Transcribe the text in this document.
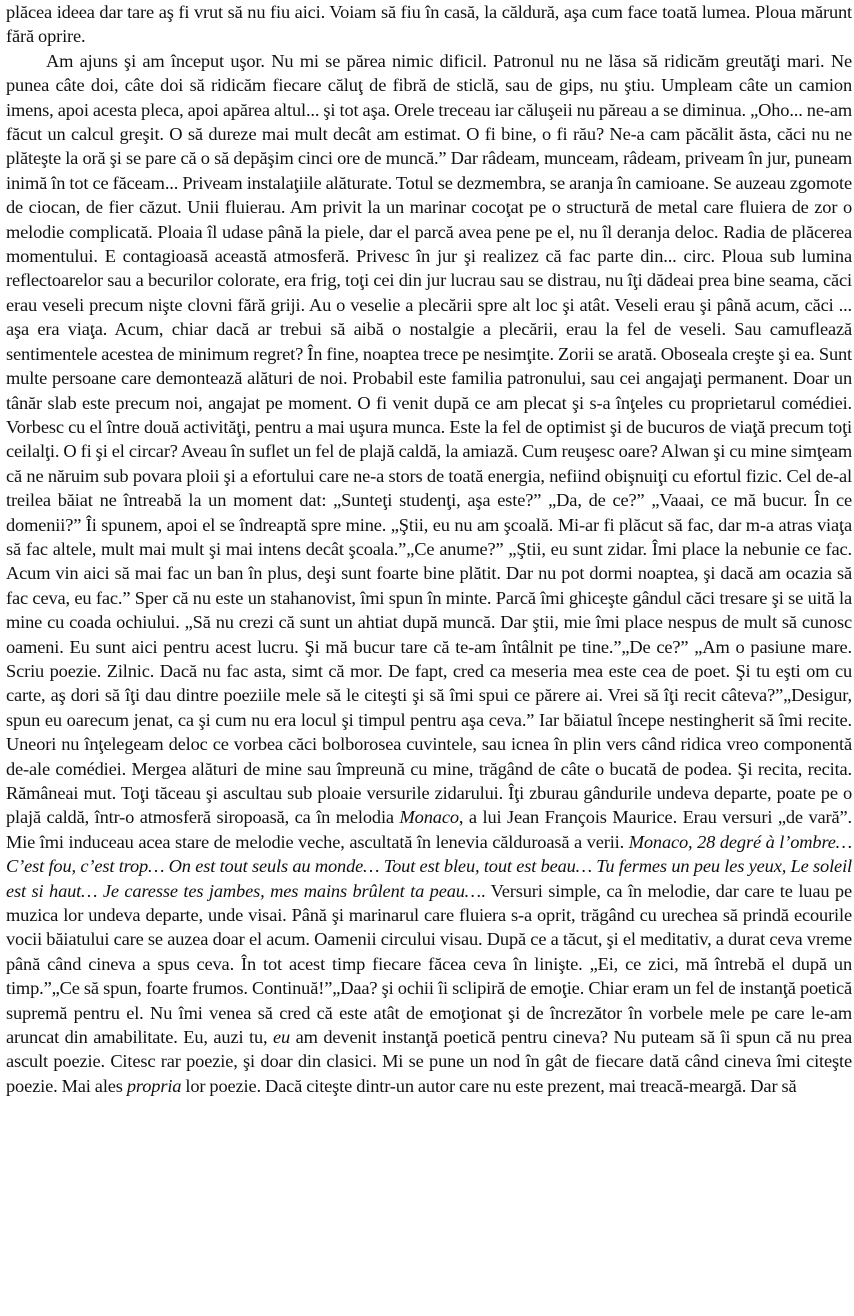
plăcea ideea dar tare aş fi vrut să nu fiu aici. Voiam să fiu în casă, la căldură, aşa cum face toată lumea. Ploua mărunt fără oprire.

Am ajuns şi am început uşor. Nu mi se părea nimic dificil. Patronul nu ne lăsa să ridicăm greutăţi mari. Ne punea câte doi, câte doi să ridicăm fiecare căluţ de fibră de sticlă, sau de gips, nu ştiu. Umpleam câte un camion imens, apoi acesta pleca, apoi apărea altul... şi tot aşa. Orele treceau iar căluşeii nu păreau a se diminua. „Oho... ne-am făcut un calcul greşit. O să dureze mai mult decât am estimat. O fi bine, o fi rău? Ne-a cam păcălit ăsta, căci nu ne plăteşte la oră şi se pare că o să depăşim cinci ore de muncă.” Dar râdeam, munceam, râdeam, priveam în jur, puneam inimă în tot ce făceam... Priveam instalaţiile alăturate. Totul se dezmembra, se aranja în camioane. Se auzeau zgomote de ciocan, de fier căzut. Unii fluierau. Am privit la un marinar cocoţat pe o structură de metal care fluiera de zor o melodie complicată. Ploaia îl udase până la piele, dar el parcă avea pene pe el, nu îl deranja deloc. Radia de plăcerea momentului. E contagioasă această atmosferă. Privesc în jur şi realizez că fac parte din... circ. Ploua sub lumina reflectoarelor sau a becurilor colorate, era frig, toţi cei din jur lucrau sau se distrau, nu îţi dădeai prea bine seama, căci erau veseli precum nişte clovni fără griji. Au o veselie a plecării spre alt loc şi atât. Veseli erau şi până acum, căci ... aşa era viaţa. Acum, chiar dacă ar trebui să aibă o nostalgie a plecării, erau la fel de veseli. Sau camuflează sentimentele acestea de minimum regret? În fine, noaptea trece pe nesimţite. Zorii se arată. Oboseala creşte şi ea. Sunt multe persoane care demontează alături de noi. Probabil este familia patronului, sau cei angajaţi permanent. Doar un tânăr slab este precum noi, angajat pe moment. O fi venit după ce am plecat şi s-a înţeles cu proprietarul comédiei. Vorbesc cu el între două activităţi, pentru a mai uşura munca. Este la fel de optimist şi de bucuros de viaţă precum toţi ceilalţi. O fi şi el circar? Aveau în suflet un fel de plajă caldă, la amiază. Cum reuşesc oare? Alwan şi cu mine simţeam că ne năruim sub povara ploii şi a efortului care ne-a stors de toată energia, nefiind obişnuiţi cu efortul fizic. Cel de-al treilea băiat ne întreabă la un moment dat: „Sunteţi studenţi, aşa este?” „Da, de ce?” „Vaaai, ce mă bucur. În ce domenii?” Îi spunem, apoi el se îndreaptă spre mine. „Ştii, eu nu am şcoală. Mi-ar fi plăcut să fac, dar m-a atras viaţa să fac altele, mult mai mult şi mai intens decât şcoala.”„Ce anume?” „Ştii, eu sunt zidar. Îmi place la nebunie ce fac. Acum vin aici să mai fac un ban în plus, deşi sunt foarte bine plătit. Dar nu pot dormi noaptea, şi dacă am ocazia să fac ceva, eu fac.” Sper că nu este un stahanovist, îmi spun în minte. Parcă îmi ghiceşte gândul căci tresare şi se uită la mine cu coada ochiului. „Să nu crezi că sunt un ahtiat după muncă. Dar ştii, mie îmi place nespus de mult să cunosc oameni. Eu sunt aici pentru acest lucru. Şi mă bucur tare că te-am întâlnit pe tine.”„De ce?” „Am o pasiune mare. Scriu poezie. Zilnic. Dacă nu fac asta, simt că mor. De fapt, cred ca meseria mea este cea de poet. Şi tu eşti om cu carte, aş dori să îţi dau dintre poeziile mele să le citeşti şi să îmi spui ce părere ai. Vrei să îţi recit câteva?”„Desigur, spun eu oarecum jenat, ca şi cum nu era locul şi timpul pentru aşa ceva.” Iar băiatul începe nestingherit să îmi recite. Uneori nu înţelegeam deloc ce vorbea căci bolborosea cuvintele, sau icnea în plin vers când ridica vreo componentă de-ale comédiei. Mergea alături de mine sau împreună cu mine, trăgând de câte o bucată de podea. Şi recita, recita. Rămâneai mut. Toţi tăceau şi ascultau sub ploaie versurile zidarului. Îţi zburau gândurile undeva departe, poate pe o plajă caldă, într-o atmosferă siropoasă, ca în melodia Monaco, a lui Jean François Maurice. Erau versuri „de vară”. Mie îmi induceau acea stare de melodie veche, ascultată în lenevia călduroasă a verii. Monaco, 28 degré à l’ombre… C’est fou, c’est trop… On est tout seuls au monde… Tout est bleu, tout est beau… Tu fermes un peu les yeux, Le soleil est si haut… Je caresse tes jambes, mes mains brûlent ta peau…. Versuri simple, ca în melodie, dar care te luau pe muzica lor undeva departe, unde visai. Până şi marinarul care fluiera s-a oprit, trăgând cu urechea să prindă ecourile vocii băiatului care se auzea doar el acum. Oamenii circului visau. După ce a tăcut, şi el meditativ, a durat ceva vreme până când cineva a spus ceva. În tot acest timp fiecare făcea ceva în linişte. „Ei, ce zici, mă întrebă el după un timp.”„Ce să spun, foarte frumos. Continuă!”„Daa? şi ochii îi sclipiră de emoţie. Chiar eram un fel de instanţă poetică supremă pentru el. Nu îmi venea să cred că este atât de emoţionat şi de încrezător în vorbele mele pe care le-am aruncat din amabilitate. Eu, auzi tu, eu am devenit instanţă poetică pentru cineva? Nu puteam să îi spun că nu prea ascult poezie. Citesc rar poezie, şi doar din clasici. Mi se pune un nod în gât de fiecare dată când cineva îmi citeşte poezie. Mai ales propria lor poezie. Dacă citeşte dintr-un autor care nu este prezent, mai treacă-meargă. Dar să
